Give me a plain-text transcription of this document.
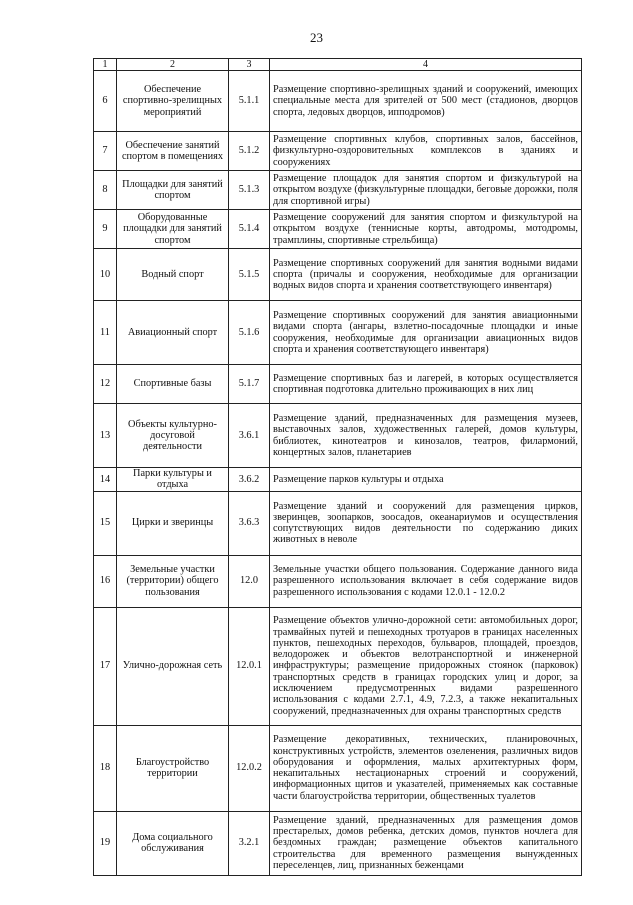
23
1	2	3	4
6	Обеспечение спортивно-зрелищных мероприятий	5.1.1	Размещение спортивно-зрелищных зданий и сооружений, имеющих специальные места для зрителей от 500 мест (стадионов, дворцов спорта, ледовых дворцов, ипподромов)
7	Обеспечение занятий спортом в помещениях	5.1.2	Размещение спортивных клубов, спортивных залов, бассейнов, физкультурно-оздоровительных комплексов в зданиях и сооружениях
8	Площадки для занятий спортом	5.1.3	Размещение площадок для занятия спортом и физкультурой на открытом воздухе (физкультурные площадки, беговые дорожки, поля для спортивной игры)
9	Оборудованные площадки для занятий спортом	5.1.4	Размещение сооружений для занятия спортом и физкультурой на открытом воздухе (теннисные корты, автодромы, мотодромы, трамплины, спортивные стрельбища)
10	Водный спорт	5.1.5	Размещение спортивных сооружений для занятия водными видами спорта (причалы и сооружения, необходимые для организации водных видов спорта и хранения соответствующего инвентаря)
11	Авиационный спорт	5.1.6	Размещение спортивных сооружений для занятия авиационными видами спорта (ангары, взлетно-посадочные площадки и иные сооружения, необходимые для организации авиационных видов спорта и хранения соответствующего инвентаря)
12	Спортивные базы	5.1.7	Размещение спортивных баз и лагерей, в которых осуществляется спортивная подготовка длительно проживающих в них лиц
13	Объекты культурно-досуговой деятельности	3.6.1	Размещение зданий, предназначенных для размещения музеев, выставочных залов, художественных галерей, домов культуры, библиотек, кинотеатров и кинозалов, театров, филармоний, концертных залов, планетариев
14	Парки культуры и отдыха	3.6.2	Размещение парков культуры и отдыха
15	Цирки и зверинцы	3.6.3	Размещение зданий и сооружений для размещения цирков, зверинцев, зоопарков, зоосадов, океанариумов и осуществления сопутствующих видов деятельности по содержанию диких животных в неволе
16	Земельные участки (территории) общего пользования	12.0	Земельные участки общего пользования. Содержание данного вида разрешенного использования включает в себя содержание видов разрешенного использования с кодами 12.0.1 - 12.0.2
17	Улично-дорожная сеть	12.0.1	Размещение объектов улично-дорожной сети: автомобильных дорог, трамвайных путей и пешеходных тротуаров в границах населенных пунктов, пешеходных переходов, бульваров, площадей, проездов, велодорожек и объектов велотранспортной и инженерной инфраструктуры; размещение придорожных стоянок (парковок) транспортных средств в границах городских улиц и дорог, за исключением предусмотренных видами разрешенного использования с кодами 2.7.1, 4.9, 7.2.3, а также некапитальных сооружений, предназначенных для охраны транспортных средств
18	Благоустройство территории	12.0.2	Размещение декоративных, технических, планировочных, конструктивных устройств, элементов озеленения, различных видов оборудования и оформления, малых архитектурных форм, некапитальных нестационарных строений и сооружений, информационных щитов и указателей, применяемых как составные части благоустройства территории, общественных туалетов
19	Дома социального обслуживания	3.2.1	Размещение зданий, предназначенных для размещения домов престарелых, домов ребенка, детских домов, пунктов ночлега для бездомных граждан; размещение объектов капитального строительства для временного размещения вынужденных переселенцев, лиц, признанных беженцами
